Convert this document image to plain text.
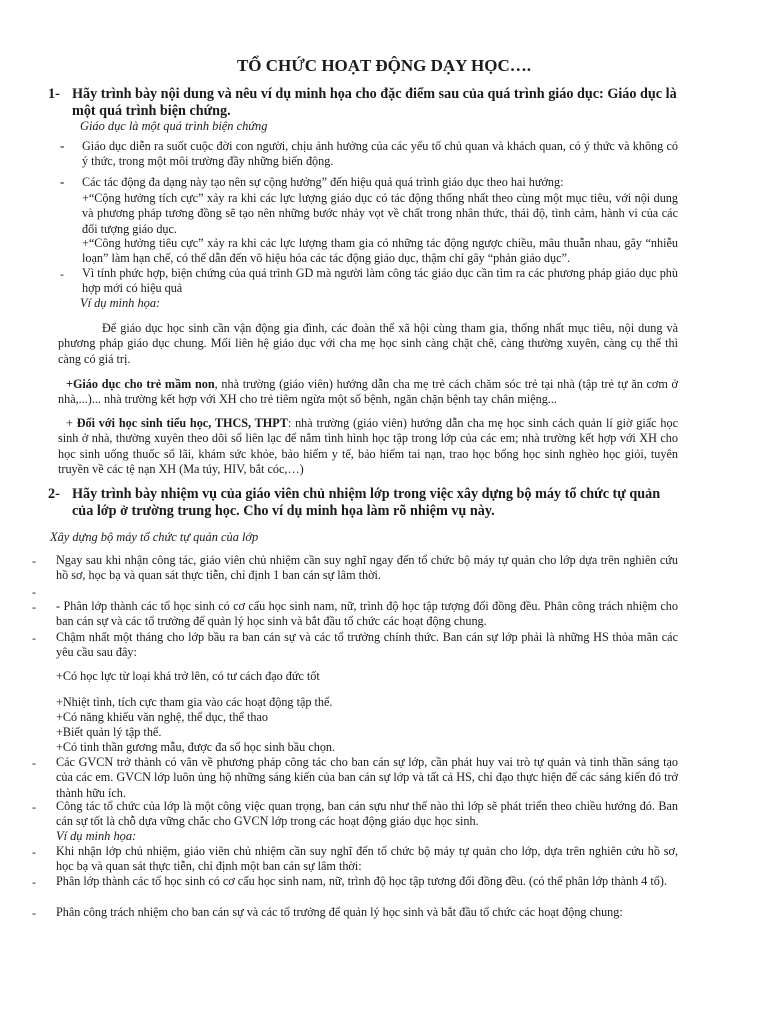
TỔ CHỨC HOẠT ĐỘNG DẠY HỌC….
1- Hãy trình bày nội dung và nêu ví dụ minh họa cho đặc điểm sau của quá trình giáo dục: Giáo dục là một quá trình biện chứng.
Giáo dục là một quá trình biện chứng
- Giáo dục diễn ra suốt cuộc đời con người, chịu ảnh hưởng của các yếu tố chủ quan và khách quan, có ý thức và không có ý thức, trong một môi trường đầy những biến động.
- Các tác động đa dạng này tạo nên sự cộng hưởng” đến hiệu quả quá trình giáo dục theo hai hướng:
+“Cộng hưởng tích cực” xảy ra khi các lực lượng giáo dục có tác động thống nhất theo cùng một mục tiêu, với nội dung và phương pháp tương đồng sẽ tạo nên những bước nhảy vọt về chất trong nhân thức, thái độ, tình cảm, hành vi của các đối tượng giáo dục.
+“Công hưởng tiêu cực” xảy ra khi các lực lượng tham gia có những tác động ngược chiều, mâu thuẫn nhau, gây “nhiễu loạn” làm hạn chế, có thể dẫn đến vô hiệu hóa các tác động giáo dục, thậm chí gây “phản giáo dục”.
- Vì tính phức hợp, biện chứng của quá trình GD mà người làm công tác giáo dục cần tìm ra các phương pháp giáo dục phù hợp mới có hiệu quả
Ví dụ minh họa:
Để giáo dục học sinh cần vận động gia đình, các đoàn thể xã hội cùng tham gia, thống nhất mục tiêu, nội dung và phương pháp giáo dục chung. Mối liên hệ giáo dục với cha mẹ học sinh càng chặt chẽ, càng thường xuyên, càng cụ thể thì càng có giá trị.
+Giáo dục cho trẻ mầm non, nhà trường (giáo viên) hướng dẫn cha mẹ trẻ cách chăm sóc trẻ tại nhà (tập trẻ tự ăn cơm ở nhà,...)... nhà trường kết hợp với XH cho trẻ tiêm ngừa một số bệnh, ngăn chặn bệnh tay chân miệng...
+ Đối với học sinh tiểu học, THCS, THPT: nhà trường (giáo viên) hướng dẫn cha mẹ học sinh cách quản lí giờ giấc học sinh ở nhà, thường xuyên theo dõi sổ liên lạc để nắm tình hình học tập trong lớp của các em; nhà trường kết hợp với XH cho học sinh uống thuốc sổ lãi, khám sức khỏe, bảo hiểm y tế, bảo hiểm tai nạn, trao học bổng học sinh nghèo học giỏi, tuyên truyền về các tệ nạn XH (Ma túy, HIV, bắt cóc,…)
2- Hãy trình bày nhiệm vụ của giáo viên chủ nhiệm lớp trong việc xây dựng bộ máy tổ chức tự quản của lớp ở trường trung học. Cho ví dụ minh họa làm rõ nhiệm vụ này.
Xây dựng bộ máy tổ chức tự quản của lớp
- Ngay sau khi nhận công tác, giáo viên chủ nhiệm cần suy nghĩ ngay đến tổ chức bộ máy tự quản cho lớp dựa trên nghiên cứu hồ sơ, học bạ và quan sát thực tiễn, chỉ định 1 ban cán sự lâm thời.
-
- - Phân lớp thành các tổ học sinh có cơ cấu học sinh nam, nữ, trình độ học tập tượng đối đồng đều. Phân công trách nhiệm cho ban cán sự và các tổ trưởng để quản lý học sinh và bắt đầu tổ chức các hoạt động chung.
- Chậm nhất một tháng cho lớp bầu ra ban cán sự và các tổ trưởng chính thức. Ban cán sự lớp phải là những HS thỏa mãn các yêu cầu sau đây:
+Có học lực từ loại khá trở lên, có tư cách đạo đức tốt
+Nhiệt tình, tích cực tham gia vào các hoạt động tập thể.
+Có năng khiếu văn nghệ, thể dục, thể thao
+Biết quản lý tập thể.
+Có tinh thần gương mẫu, được đa số học sinh bầu chọn.
- Các GVCN trở thành có vân về phương pháp công tác cho ban cán sự lớp, cần phát huy vai trò tự quản và tinh thần sáng tạo của các em. GVCN lớp luôn ủng hộ những sáng kiến của ban cán sự lớp và tất cả HS, chỉ đạo thực hiện để các sáng kiến đó trở thành hữu ích.
- Công tác tổ chức của lớp là một công việc quan trọng, ban cán sựu như thế nào thì lớp sẽ phát triển theo chiều hướng đó. Ban cán sự tốt là chỗ dựa vững chắc cho GVCN lớp trong các hoạt động giáo dục học sinh.
Ví dụ minh họa:
- Khi nhận lớp chủ nhiệm, giáo viên chủ nhiệm cần suy nghĩ đến tổ chức bộ máy tự quản cho lớp, dựa trên nghiên cứu hồ sơ, học bạ và quan sát thực tiễn, chỉ định một ban cán sự lâm thời:
- Phân lớp thành các tổ học sinh có cơ cấu học sinh nam, nữ, trình độ học tập tương đối đồng đều. (có thể phân lớp thành 4 tổ).
- Phân công trách nhiệm cho ban cán sự và các tổ trưởng để quản lý học sinh và bắt đầu tổ chức các hoạt động chung:
